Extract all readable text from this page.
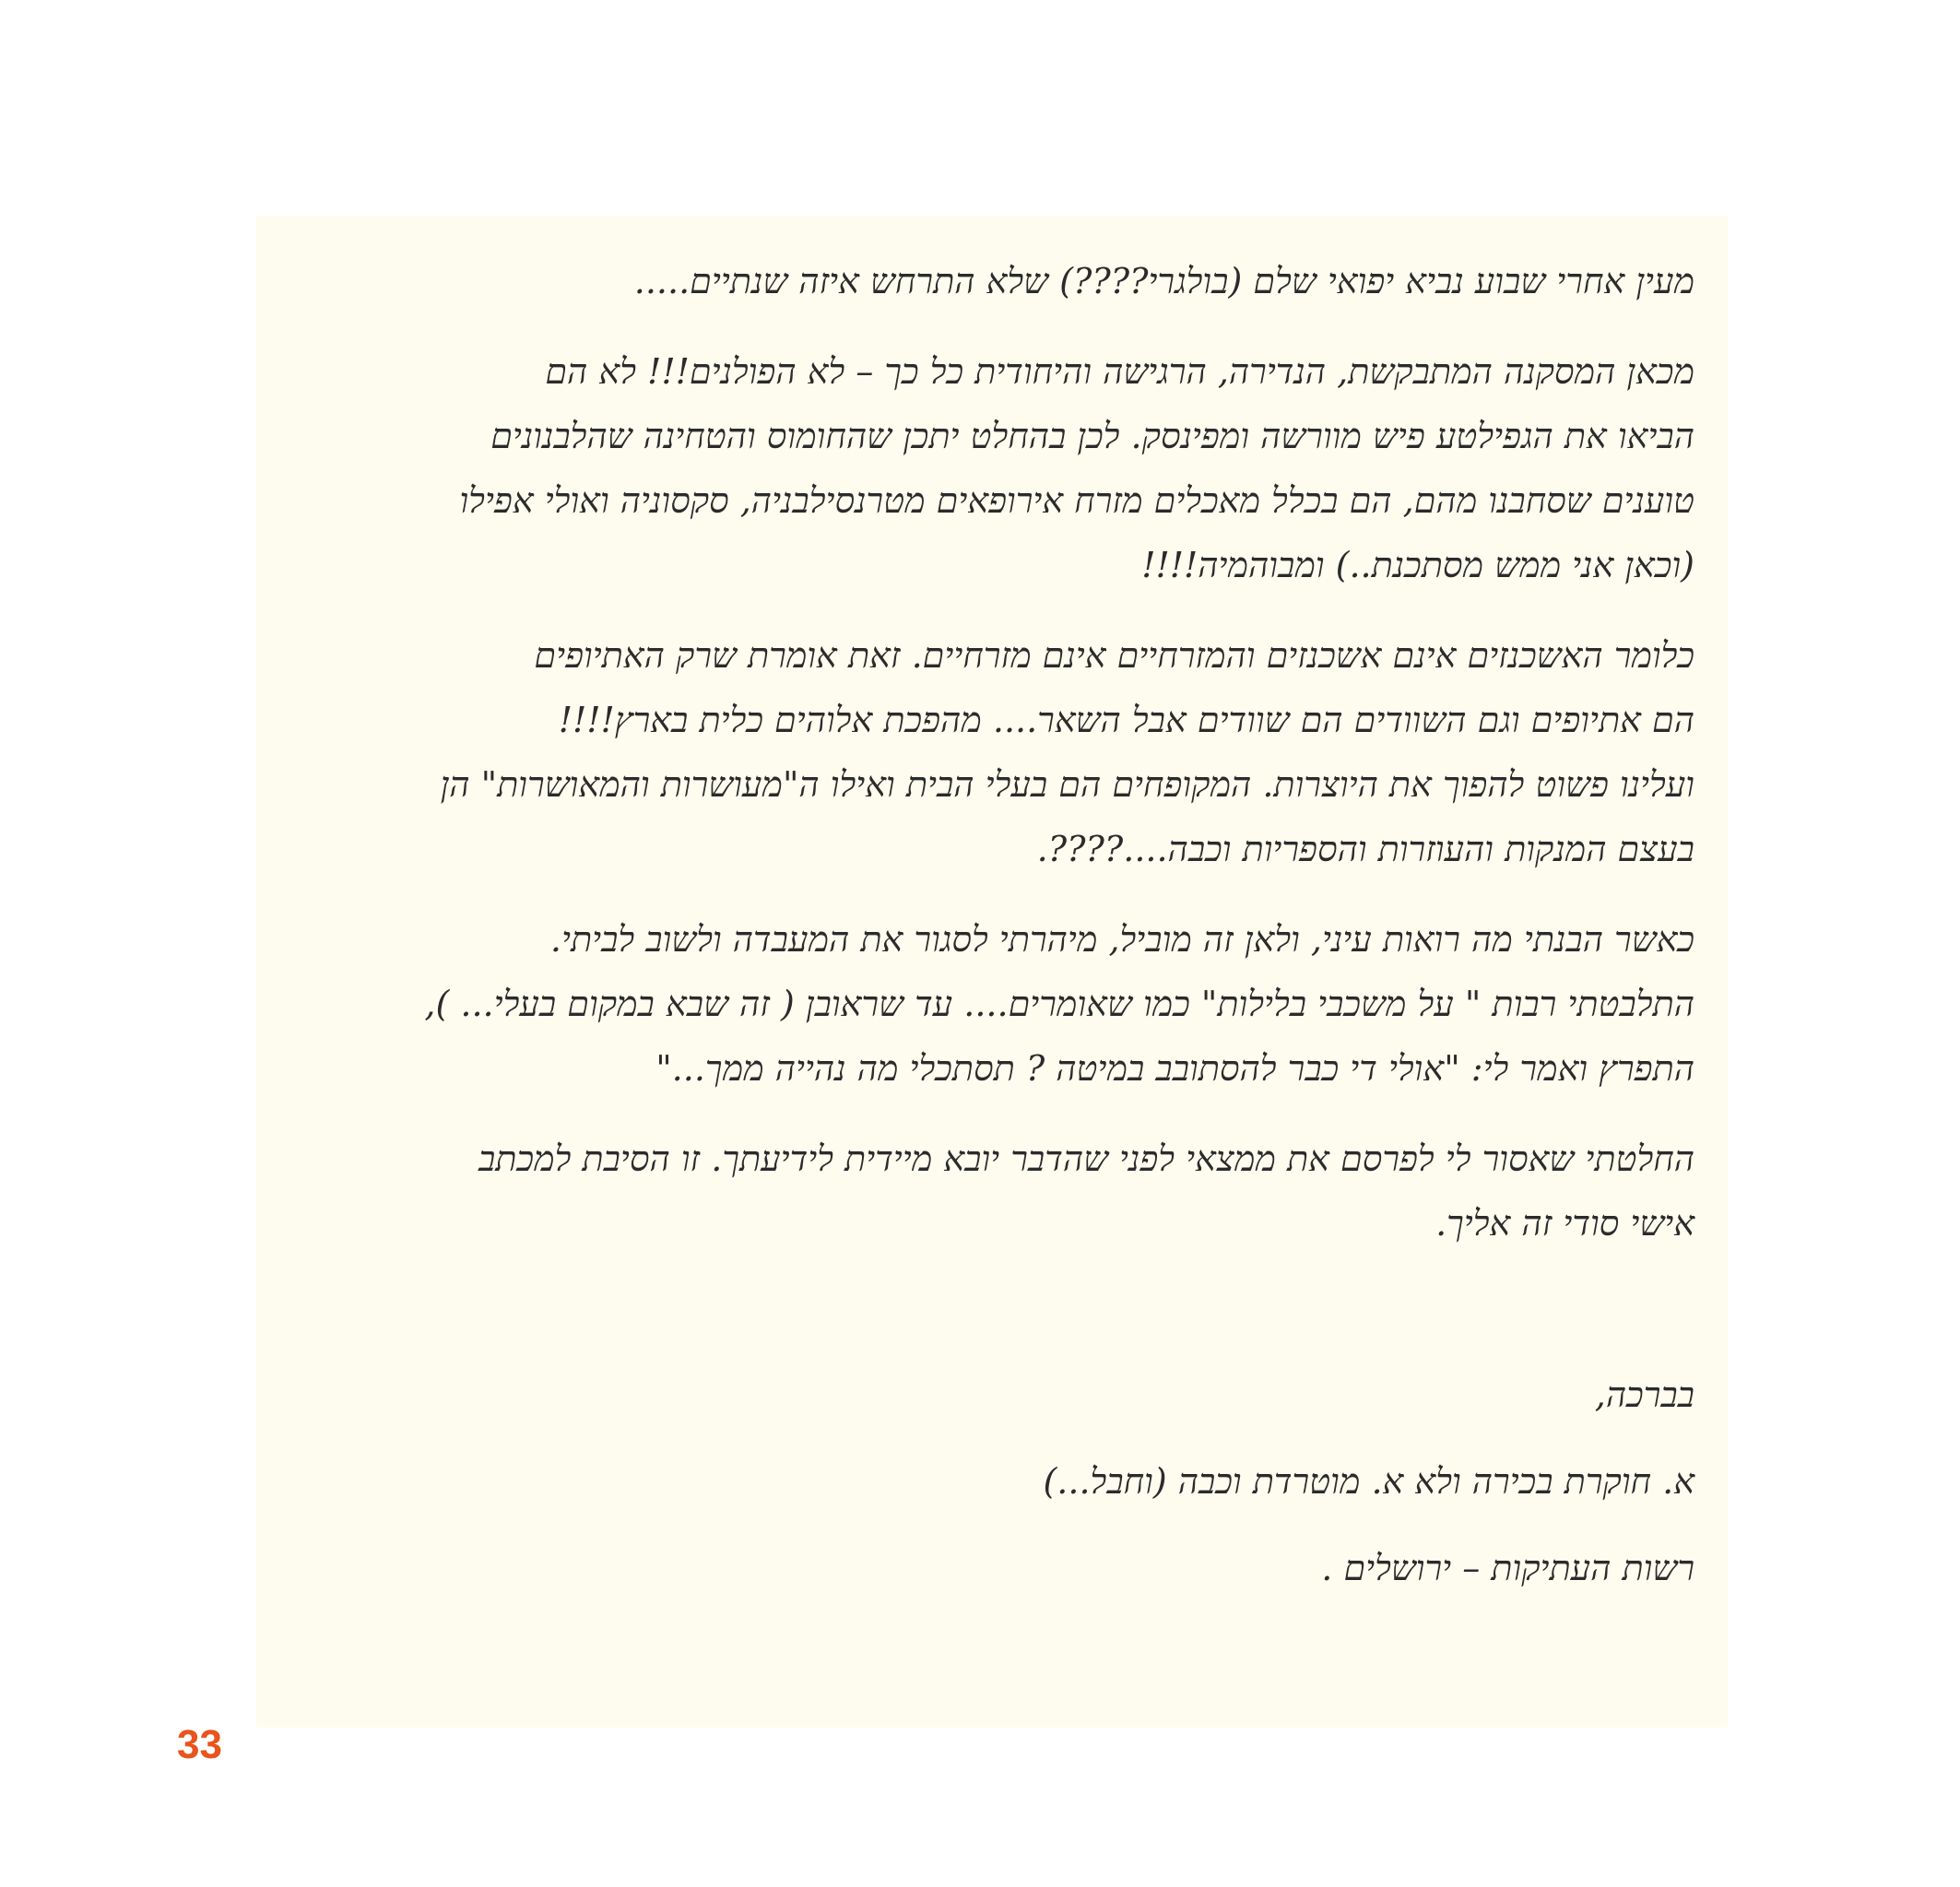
מעין אחרי שבוע נביא יפואי שלם (בולגרי????) שלא התרחש איזה שנתיים.....
מכאן המסקנה המתבקשת, הנדירה, הרגישה והיחודית כל כך – לא הפולנים!!! לא הם
הביאו את הגפילטע פיש מוורשה ומפינסק. לכן בהחלט יתכן שהחומוס והטחינה שהלבנונים
טוענים שסחבנו מהם, הם בכלל מאכלים מזרח אירופאים מטרנסילבניה, סקסוניה ואולי אפילו
(וכאן אני ממש מסתכנת..) ומבוהמיה!!!!
כלומר האשכנזים אינם אשכנזים והמזרחיים אינם מזרחיים. זאת אומרת שרק האתיופים
הם אתיופים וגם השוודים הם שוודים אבל השאר.... מהפכת אלוהים כלית בארץ!!!!
ועלינו פשוט להפוך את היוצרות. המקופחים הם בעלי הבית ואילו ה"מעושרות והמאושרות" הן
בעצם המנקות והעוזרות והספריות וכבה....????.
כאשר הבנתי מה רואות עיני, ולאן זה מוביל, מיהרתי לסגור את המעבדה ולשוב לביתי.
התלבטתי רבות " על משכבי בלילות" כמו שאומרים.... עד שראובן ( זה שבא במקום בעלי... ),
התפרץ ואמר לי: "אולי די כבר להסתובב במיטה ? תסתכלי מה נהייה ממך..."
החלטתי שאסור לי לפרסם את ממצאי לפני שהדבר יובא מיידית לידיעתך. זו הסיבת למכתב
אישי סודי זה אליך.
בברכה,
א. חוקרת בכירה ולא א. מוטרדת וכבה (וחבל...)
רשות העתיקות – ירושלים .
33
